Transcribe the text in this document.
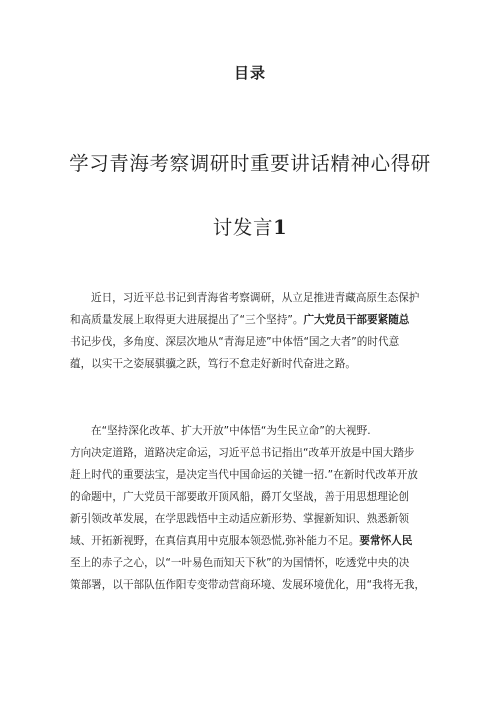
目录
学习青海考察调研时重要讲话精神心得研
讨发言1
近日，习近平总书记到青海省考察调研，从立足推进青藏高原生态保护
和高质量发展上取得更大进展提出了“三个坚持”。广大党员干部要紧随总
书记步伐，多角度、深层次地从“青海足迹”中体悟“国之大者”的时代意
蕴，以实干之姿展骐骥之跃，笃行不怠走好新时代奋进之路。
在“坚持深化改革、扩大开放”中体悟“为生民立命”的大视野.
方向决定道路，道路决定命运，习近平总书记指出“改革开放是中国大踏步
赶上时代的重要法宝，是决定当代中国命运的关键一招.”在新时代改革开放
的命题中，广大党员干部要敢开顶风船，爵丌攵坚战，善于用思想理论创
新引领改革发展，在学思践悟中主动适应新形势、掌握新知识、熟悉新领
域、开拓新视野，在真信真用中克服本领恐慌,弥补能力不足。要常怀人民
至上的赤子之心，以“一叶易色而知天下秋”的为国情怀，吃透党中央的决
策部署，以干部队伍作阳专变带动营商环境、发展环境优化，用“我将无我，
